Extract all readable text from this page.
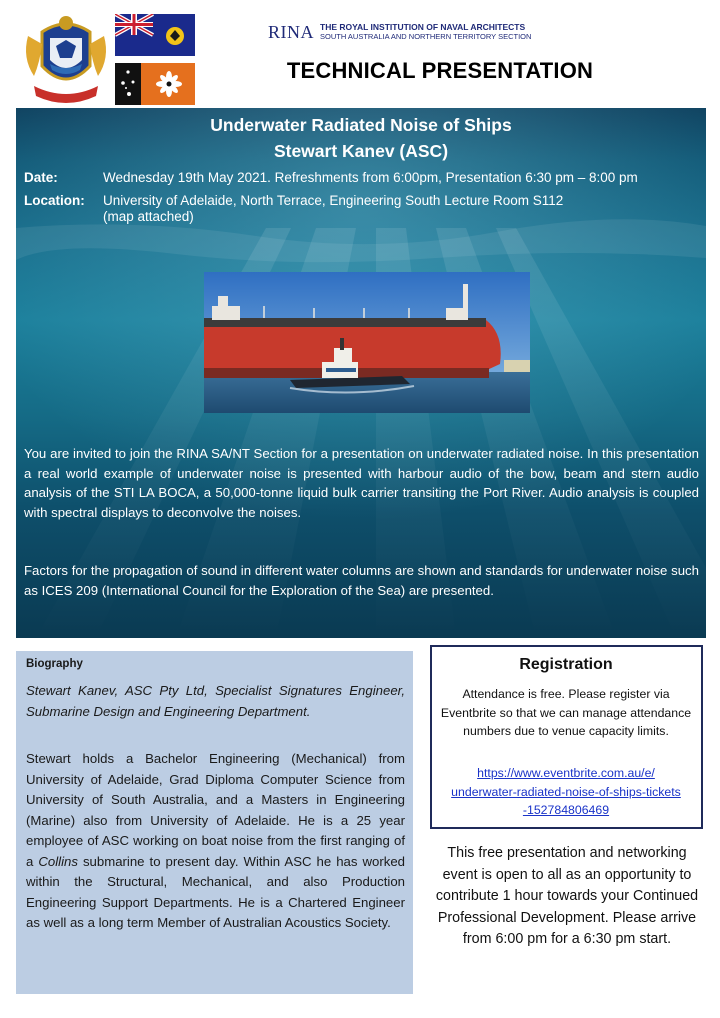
RINA THE ROYAL INSTITUTION OF NAVAL ARCHITECTS
SOUTH AUSTRALIA AND NORTHERN TERRITORY SECTION
TECHNICAL PRESENTATION
Underwater Radiated Noise of Ships
Stewart Kanev (ASC)
Date:	Wednesday 19th May 2021. Refreshments from 6:00pm, Presentation 6:30 pm – 8:00 pm
Location: University of Adelaide, North Terrace, Engineering South Lecture Room S112
(map attached)
You are invited to join the RINA SA/NT Section for a presentation on underwater radiated noise. In this presentation a real world example of underwater noise is presented with harbour audio of the bow, beam and stern audio analysis of the STI LA BOCA, a 50,000-tonne liquid bulk carrier transiting the Port River. Audio analysis is coupled with spectral displays to deconvolve the noises.
Factors for the propagation of sound in different water columns are shown and standards for underwater noise such as ICES 209 (International Council for the Exploration of the Sea) are presented.
Biography
Stewart Kanev, ASC Pty Ltd, Specialist Signatures Engineer, Submarine Design and Engineering Department.
Stewart holds a Bachelor Engineering (Mechanical) from University of Adelaide, Grad Diploma Computer Science from University of South Australia, and a Masters in Engineering (Marine) also from University of Adelaide. He is a 25 year employee of ASC working on boat noise from the first ranging of a Collins submarine to present day. Within ASC he has worked within the Structural, Mechanical, and also Production Engineering Support Departments. He is a Chartered Engineer as well as a long term Member of Australian Acoustics Society.
Registration
Attendance is free. Please register via Eventbrite so that we can manage attendance numbers due to venue capacity limits.
https://www.eventbrite.com.au/e/
underwater-radiated-noise-of-ships-tickets
-152784806469
This free presentation and networking event is open to all as an opportunity to contribute 1 hour towards your Continued Professional Development. Please arrive from 6:00 pm for a 6:30 pm start.
